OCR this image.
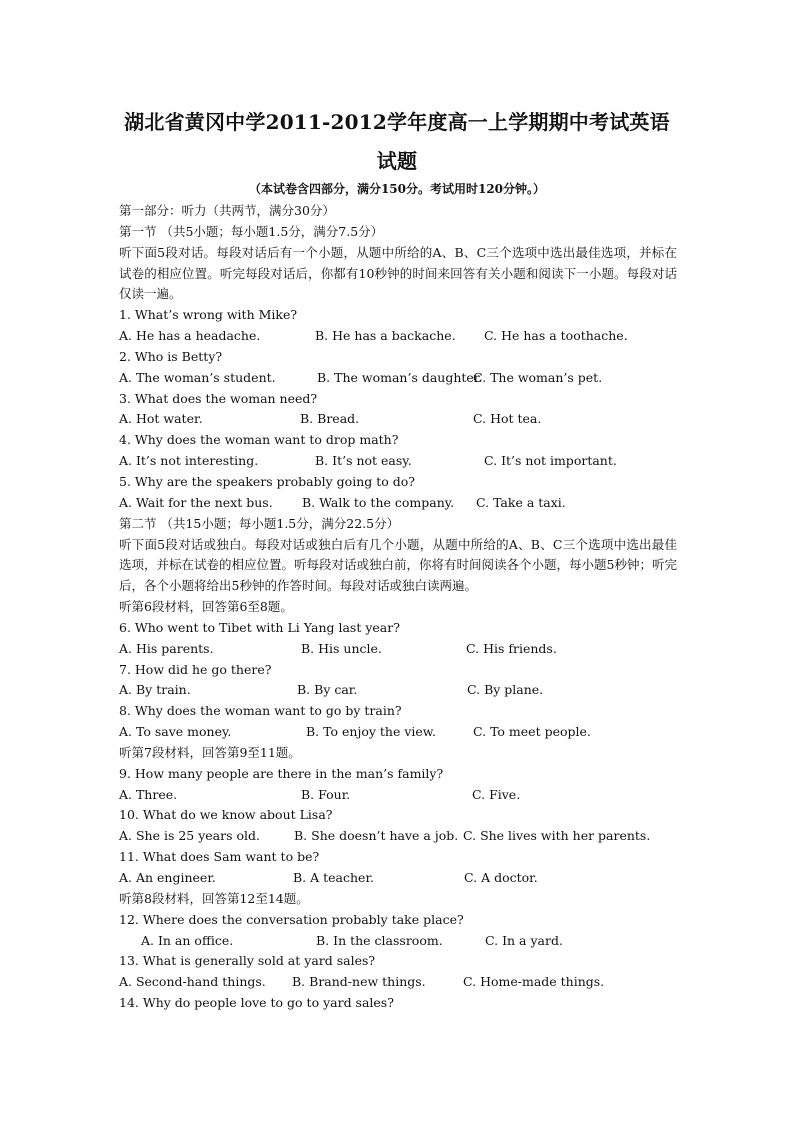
湖北省黄冈中学2011-2012学年度高一上学期期中考试英语
试题
（本试卷含四部分，满分150分。考试用时120分钟。）
第一部分：听力（共两节，满分30分）
第一节 （共5小题；每小题1.5分，满分7.5分）
听下面5段对话。每段对话后有一个小题，从题中所给的A、B、C三个选项中选出最佳选项，并标在试卷的相应位置。听完每段对话后，你都有10秒钟的时间来回答有关小题和阅读下一小题。每段对话仅读一遍。
1. What’s wrong with Mike?
A. He has a headache.	B. He has a backache. C. He has a toothache.
2. Who is Betty?
A. The woman’s student.	B. The woman’s daughter.
C. The woman’s pet.
3. What does the woman need?
A. Hot water.	B. Bread.	C. Hot tea.
4. Why does the woman want to drop math?
A. It’s not interesting.	B. It’s not easy.	C. It’s not important.
5. Why are the speakers probably going to do?
A. Wait for the next bus. B. Walk to the company. C. Take a taxi.
第二节 （共15小题；每小题1.5分，满分22.5分）
听下面5段对话或独白。每段对话或独白后有几个小题，从题中所给的A、B、C三个选项中选出最佳选项，并标在试卷的相应位置。听每段对话或独白前，你将有时间阅读各个小题，每小题5秒钟；听完后，各个小题将给出5秒钟的作答时间。每段对话或独白读两遍。
听第6段材料，回答第6至8题。
6. Who went to Tibet with Li Yang last year?
A. His parents.	B. His uncle.	C. His friends.
7. How did he go there?
A. By train.	B. By car.	C. By plane.
8. Why does the woman want to go by train?
A. To save money.	B. To enjoy the view.	C. To meet people.
听第7段材料，回答第9至11题。
9. How many people are there in the man’s family?
A. Three.	B. Four.	C. Five.
10. What do we know about Lisa?
A. She is 25 years old.	B. She doesn’t have a job. C. She lives with her parents.
11. What does Sam want to be?
A. An engineer.	B. A teacher.	C. A doctor.
听第8段材料，回答第12至14题。
12. Where does the conversation probably take place?
A. In an office.	B. In the classroom.	C. In a yard.
13. What is generally sold at yard sales?
A. Second-hand things. B. Brand-new things.	C. Home-made things.
14. Why do people love to go to yard sales?
